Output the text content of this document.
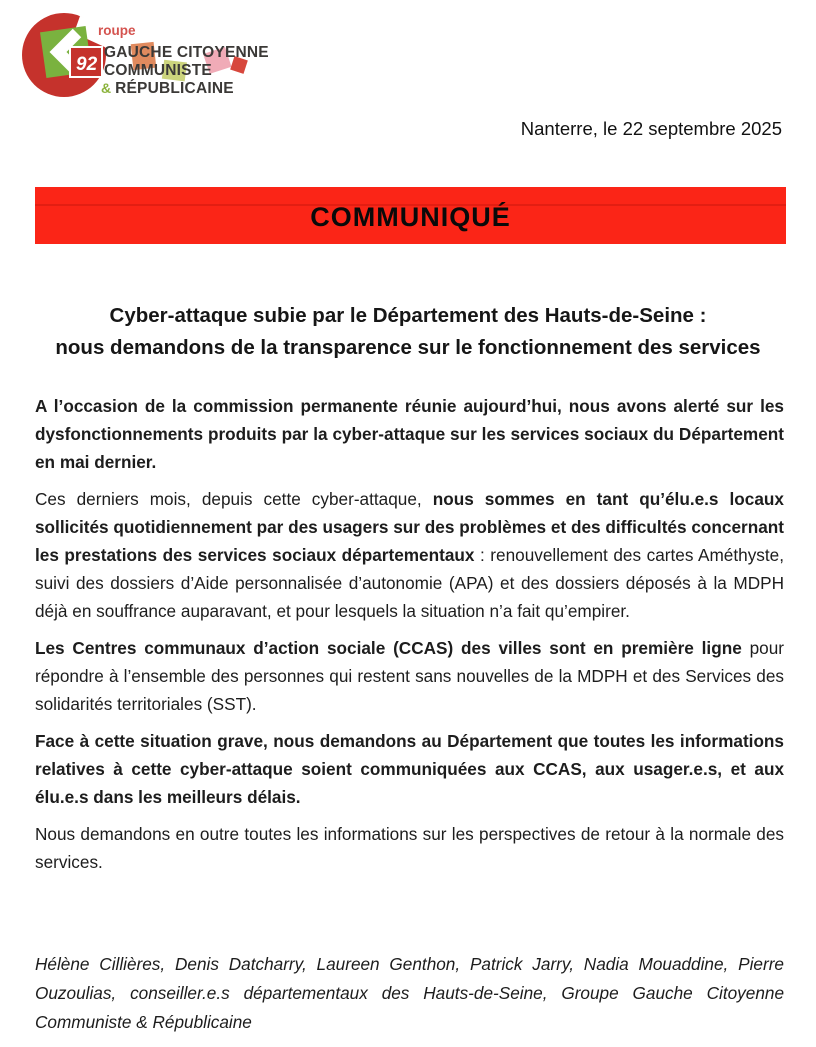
92
roupe
GAUCHE CITOYENNE
COMMUNISTE
& RÉPUBLICAINE
Nanterre, le 22 septembre 2025
COMMUNIQUÉ
Cyber-attaque subie par le Département des Hauts-de-Seine :
nous demandons de la transparence sur le fonctionnement des services

A l’occasion de la commission permanente réunie aujourd’hui, nous avons alerté sur les dysfonctionnements produits par la cyber-attaque sur les services sociaux du Département en mai dernier.

Ces derniers mois, depuis cette cyber-attaque, nous sommes en tant qu’élu.e.s locaux sollicités quotidiennement par des usagers sur des problèmes et des difficultés concernant les prestations des services sociaux départementaux : renouvellement des cartes Améthyste, suivi des dossiers d’Aide personnalisée d’autonomie (APA) et des dossiers déposés à la MDPH déjà en souffrance auparavant, et pour lesquels la situation n’a fait qu’empirer.

Les Centres communaux d’action sociale (CCAS) des villes sont en première ligne pour répondre à l’ensemble des personnes qui restent sans nouvelles de la MDPH et des Services des solidarités territoriales (SST).

Face à cette situation grave, nous demandons au Département que toutes les informations relatives à cette cyber-attaque soient communiquées aux CCAS, aux usager.e.s, et aux élu.e.s dans les meilleurs délais.

Nous demandons en outre toutes les informations sur les perspectives de retour à la normale des services.

Hélène Cillières, Denis Datcharry, Laureen Genthon, Patrick Jarry, Nadia Mouaddine, Pierre Ouzoulias, conseiller.e.s départementaux des Hauts-de-Seine, Groupe Gauche Citoyenne Communiste & Républicaine
